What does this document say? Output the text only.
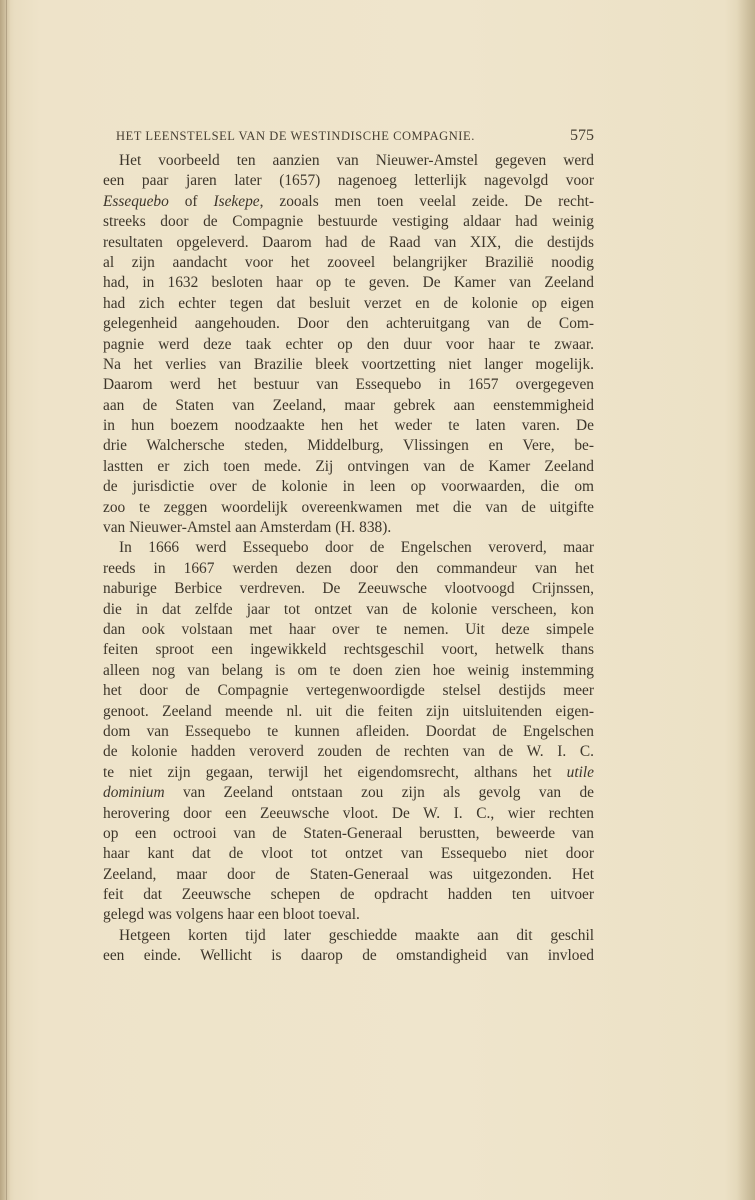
HET LEENSTELSEL VAN DE WESTINDISCHE COMPAGNIE.	575
Het voorbeeld ten aanzien van Nieuwer-Amstel gegeven werd
een paar jaren later (1657) nagenoeg letterlijk nagevolgd voor
Essequebo of Isekepe, zooals men toen veelal zeide. De recht-
streeks door de Compagnie bestuurde vestiging aldaar had weinig
resultaten opgeleverd. Daarom had de Raad van XIX, die destijds
al zijn aandacht voor het zooveel belangrijker Brazilië noodig
had, in 1632 besloten haar op te geven. De Kamer van Zeeland
had zich echter tegen dat besluit verzet en de kolonie op eigen
gelegenheid aangehouden. Door den achteruitgang van de Com-
pagnie werd deze taak echter op den duur voor haar te zwaar.
Na het verlies van Brazilie bleek voortzetting niet langer mogelijk.
Daarom werd het bestuur van Essequebo in 1657 overgegeven
aan de Staten van Zeeland, maar gebrek aan eenstemmigheid
in hun boezem noodzaakte hen het weder te laten varen. De
drie Walchersche steden, Middelburg, Vlissingen en Vere, be-
lastten er zich toen mede. Zij ontvingen van de Kamer Zeeland
de jurisdictie over de kolonie in leen op voorwaarden, die om
zoo te zeggen woordelijk overeenkwamen met die van de uitgifte
van Nieuwer-Amstel aan Amsterdam (H. 838).
In 1666 werd Essequebo door de Engelschen veroverd, maar
reeds in 1667 werden dezen door den commandeur van het
naburige Berbice verdreven. De Zeeuwsche vlootvoogd Crijnssen,
die in dat zelfde jaar tot ontzet van de kolonie verscheen, kon
dan ook volstaan met haar over te nemen. Uit deze simpele
feiten sproot een ingewikkeld rechtsgeschil voort, hetwelk thans
alleen nog van belang is om te doen zien hoe weinig instemming
het door de Compagnie vertegenwoordigde stelsel destijds meer
genoot. Zeeland meende nl. uit die feiten zijn uitsluitenden eigen-
dom van Essequebo te kunnen afleiden. Doordat de Engelschen
de kolonie hadden veroverd zouden de rechten van de W. I. C.
te niet zijn gegaan, terwijl het eigendomsrecht, althans het utile
dominium van Zeeland ontstaan zou zijn als gevolg van de
herovering door een Zeeuwsche vloot. De W. I. C., wier rechten
op een octrooi van de Staten-Generaal berustten, beweerde van
haar kant dat de vloot tot ontzet van Essequebo niet door
Zeeland, maar door de Staten-Generaal was uitgezonden. Het
feit dat Zeeuwsche schepen de opdracht hadden ten uitvoer
gelegd was volgens haar een bloot toeval.
Hetgeen korten tijd later geschiedde maakte aan dit geschil
een einde. Wellicht is daarop de omstandigheid van invloed
